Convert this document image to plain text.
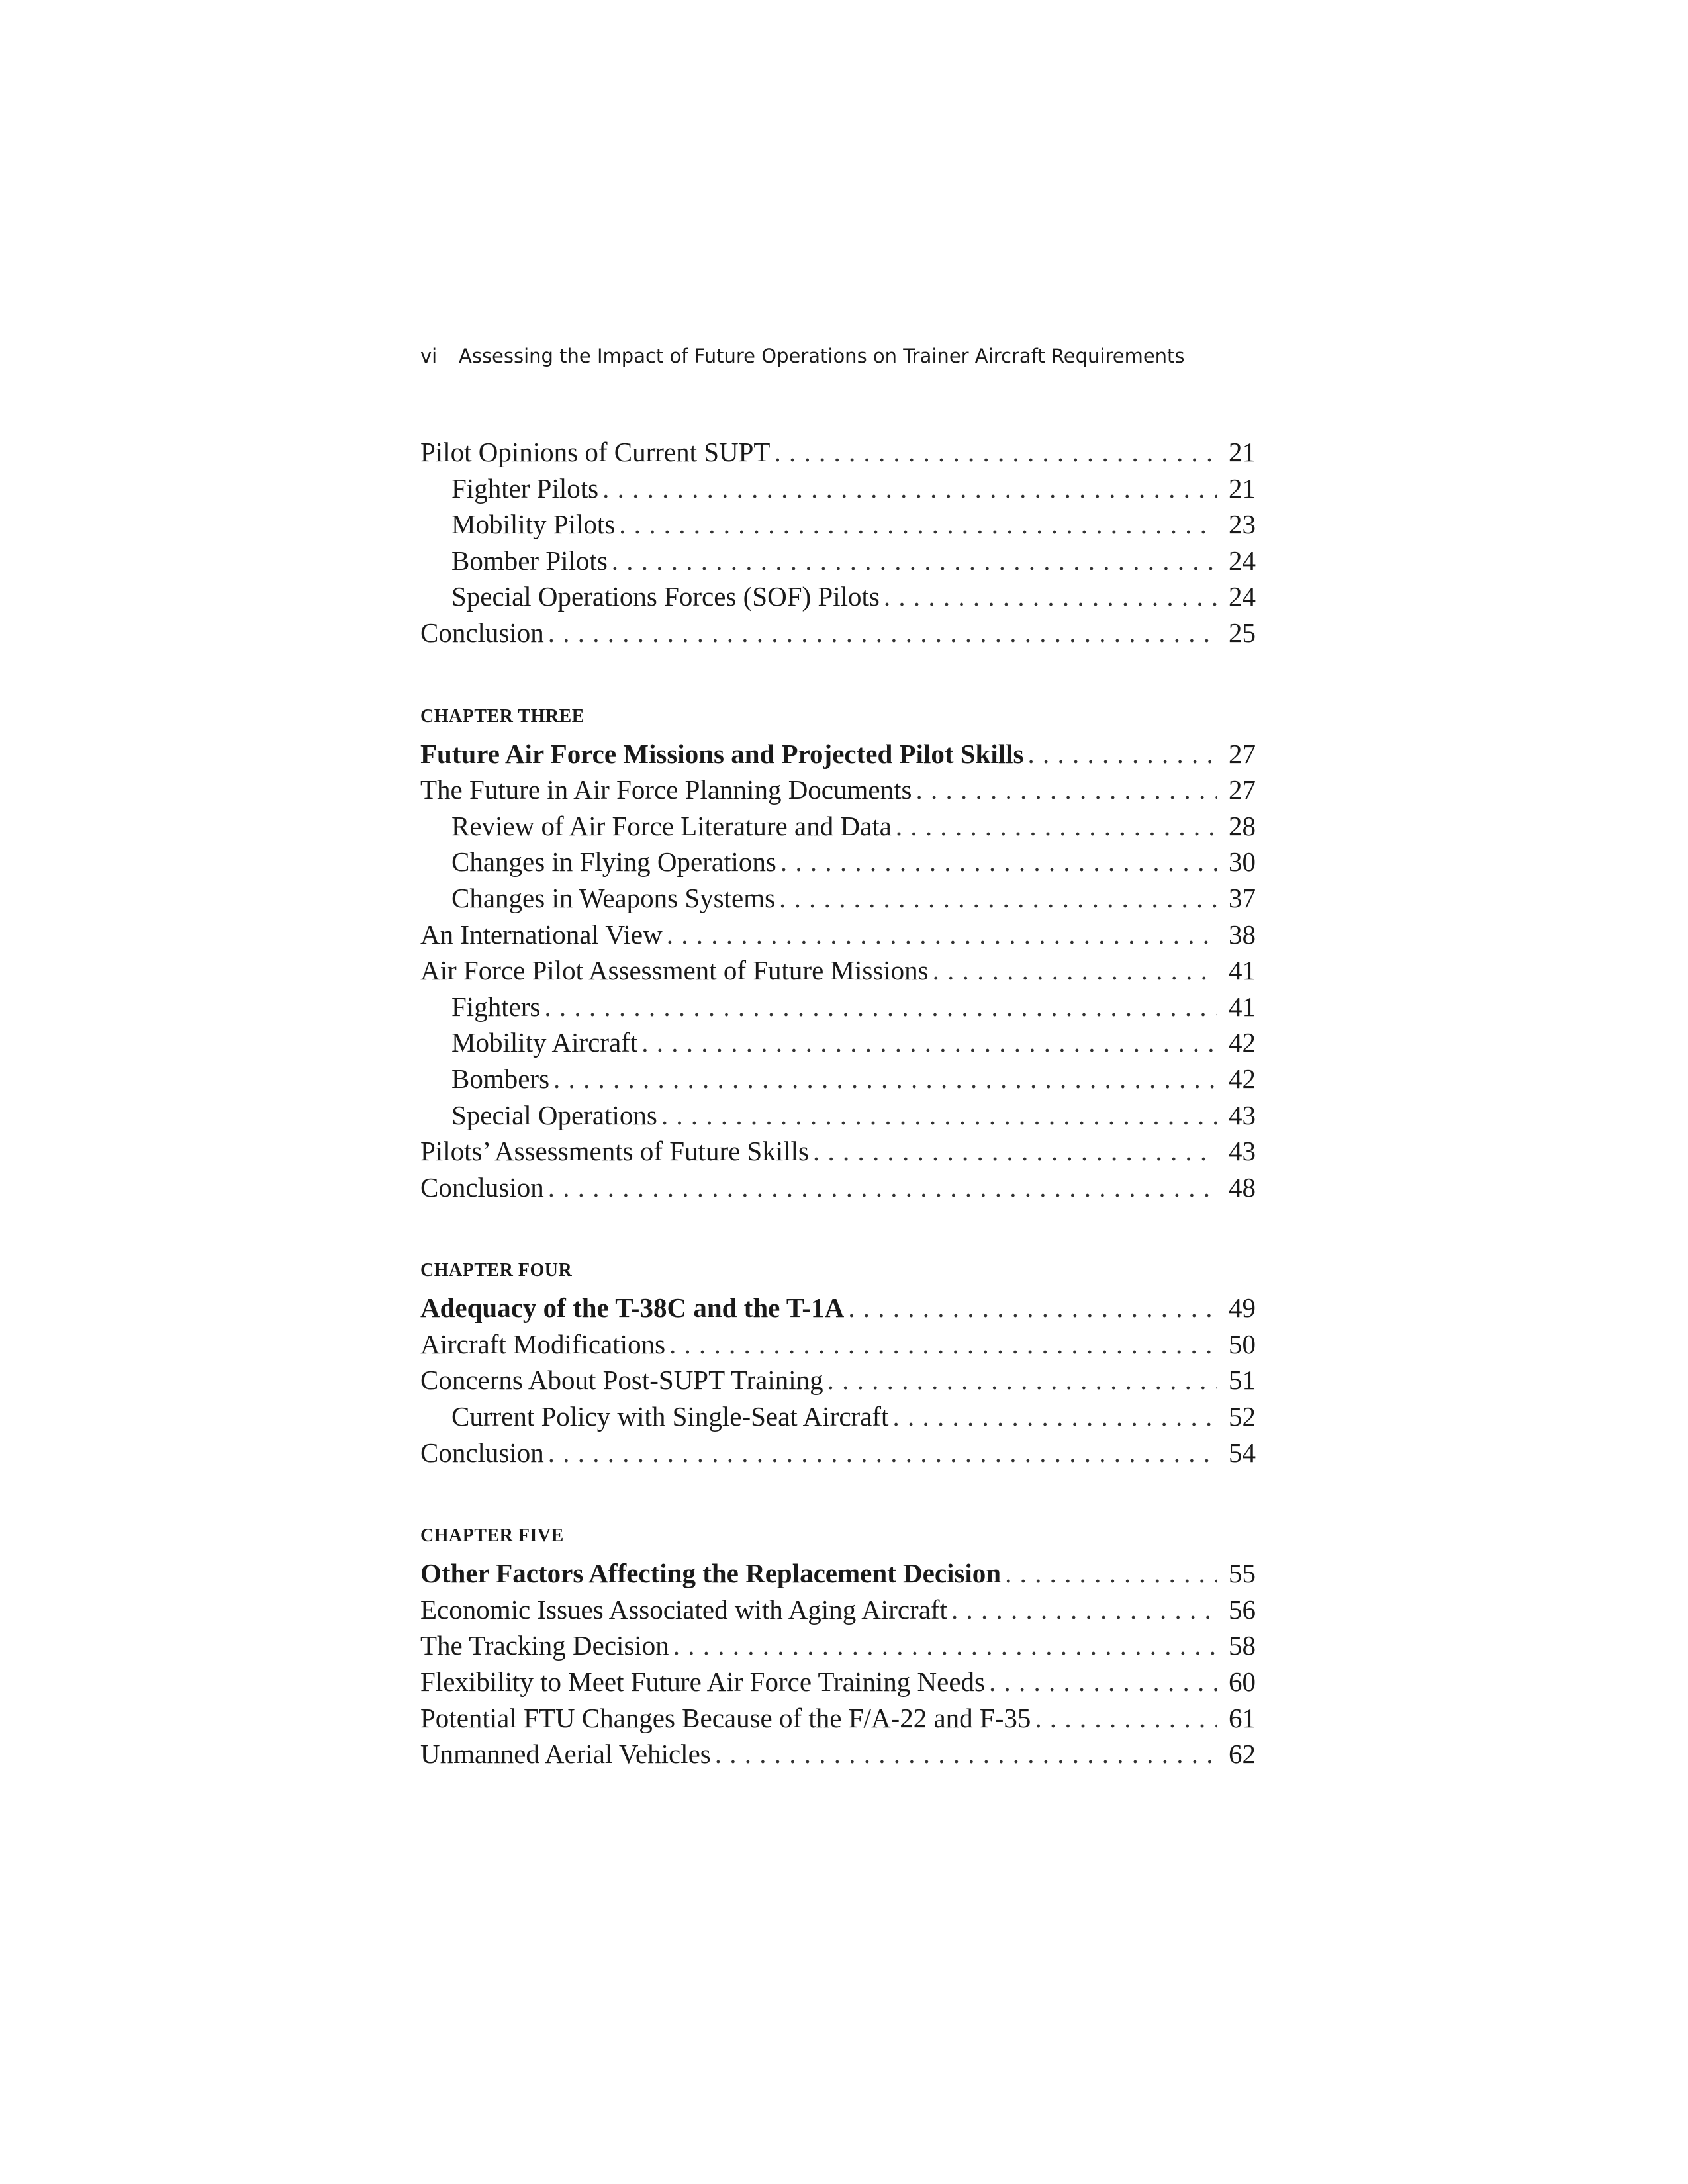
vi Assessing the Impact of Future Operations on Trainer Aircraft Requirements
Pilot Opinions of Current SUPT . . .	21
Fighter Pilots . . .	21
Mobility Pilots . . .	23
Bomber Pilots . . .	24
Special Operations Forces (SOF) Pilots . . .	24
Conclusion . . .	25
CHAPTER THREE
Future Air Force Missions and Projected Pilot Skills . . .	27
The Future in Air Force Planning Documents . . .	27
Review of Air Force Literature and Data . . .	28
Changes in Flying Operations . . .	30
Changes in Weapons Systems . . .	37
An International View . . .	38
Air Force Pilot Assessment of Future Missions . . .	41
Fighters . . .	41
Mobility Aircraft . . .	42
Bombers . . .	42
Special Operations . . .	43
Pilots’ Assessments of Future Skills . . .	43
Conclusion . . .	48
CHAPTER FOUR
Adequacy of the T-38C and the T-1A . . .	49
Aircraft Modifications . . .	50
Concerns About Post-SUPT Training . . .	51
Current Policy with Single-Seat Aircraft . . .	52
Conclusion . . .	54
CHAPTER FIVE
Other Factors Affecting the Replacement Decision . . .	55
Economic Issues Associated with Aging Aircraft . . .	56
The Tracking Decision . . .	58
Flexibility to Meet Future Air Force Training Needs . . .	60
Potential FTU Changes Because of the F/A-22 and F-35 . . .	61
Unmanned Aerial Vehicles . . .	62
